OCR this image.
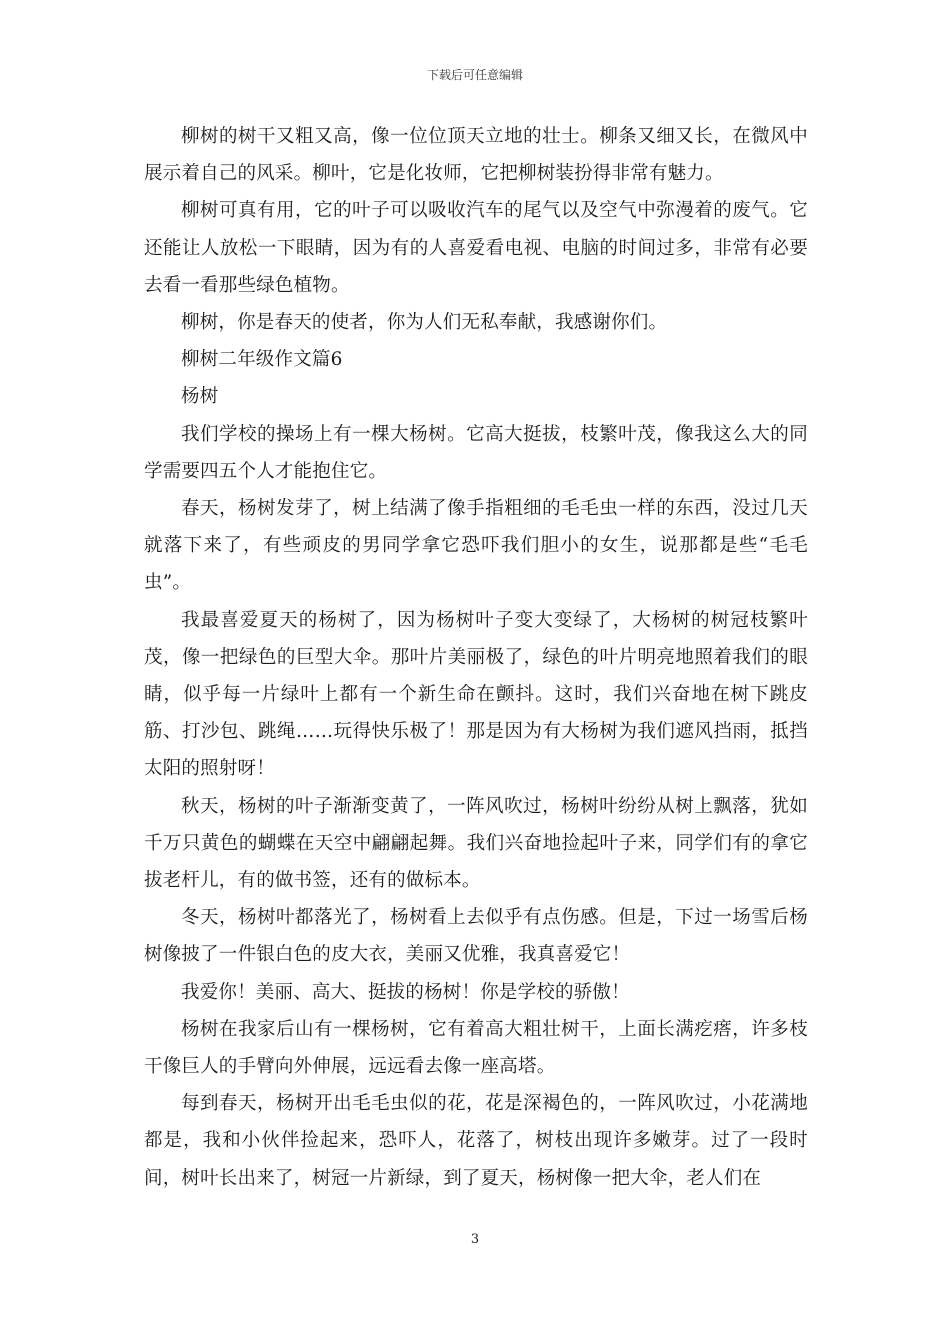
下载后可任意编辑

柳树的树干又粗又高，像一位位顶天立地的壮士。柳条又细又长，在微风中展示着自己的风采。柳叶，它是化妆师，它把柳树装扮得非常有魅力。

柳树可真有用，它的叶子可以吸收汽车的尾气以及空气中弥漫着的废气。它还能让人放松一下眼睛，因为有的人喜爱看电视、电脑的时间过多，非常有必要去看一看那些绿色植物。

柳树，你是春天的使者，你为人们无私奉献，我感谢你们。

柳树二年级作文篇6

杨树

我们学校的操场上有一棵大杨树。它高大挺拔，枝繁叶茂，像我这么大的同学需要四五个人才能抱住它。

春天，杨树发芽了，树上结满了像手指粗细的毛毛虫一样的东西，没过几天就落下来了，有些顽皮的男同学拿它恐吓我们胆小的女生，说那都是些“毛毛虫”。

我最喜爱夏天的杨树了，因为杨树叶子变大变绿了，大杨树的树冠枝繁叶茂，像一把绿色的巨型大伞。那叶片美丽极了，绿色的叶片明亮地照着我们的眼睛，似乎每一片绿叶上都有一个新生命在颤抖。这时，我们兴奋地在树下跳皮筋、打沙包、跳绳……玩得快乐极了！那是因为有大杨树为我们遮风挡雨，抵挡太阳的照射呀！

秋天，杨树的叶子渐渐变黄了，一阵风吹过，杨树叶纷纷从树上飘落，犹如千万只黄色的蝴蝶在天空中翩翩起舞。我们兴奋地捡起叶子来，同学们有的拿它拔老杆儿，有的做书签，还有的做标本。

冬天，杨树叶都落光了，杨树看上去似乎有点伤感。但是，下过一场雪后杨树像披了一件银白色的皮大衣，美丽又优雅，我真喜爱它！

我爱你！美丽、高大、挺拔的杨树！你是学校的骄傲！

杨树在我家后山有一棵杨树，它有着高大粗壮树干，上面长满疙瘩，许多枝干像巨人的手臂向外伸展，远远看去像一座高塔。

每到春天，杨树开出毛毛虫似的花，花是深褐色的，一阵风吹过，小花满地都是，我和小伙伴捡起来，恐吓人，花落了，树枝出现许多嫩芽。过了一段时间，树叶长出来了，树冠一片新绿，到了夏天，杨树像一把大伞，老人们在

3
